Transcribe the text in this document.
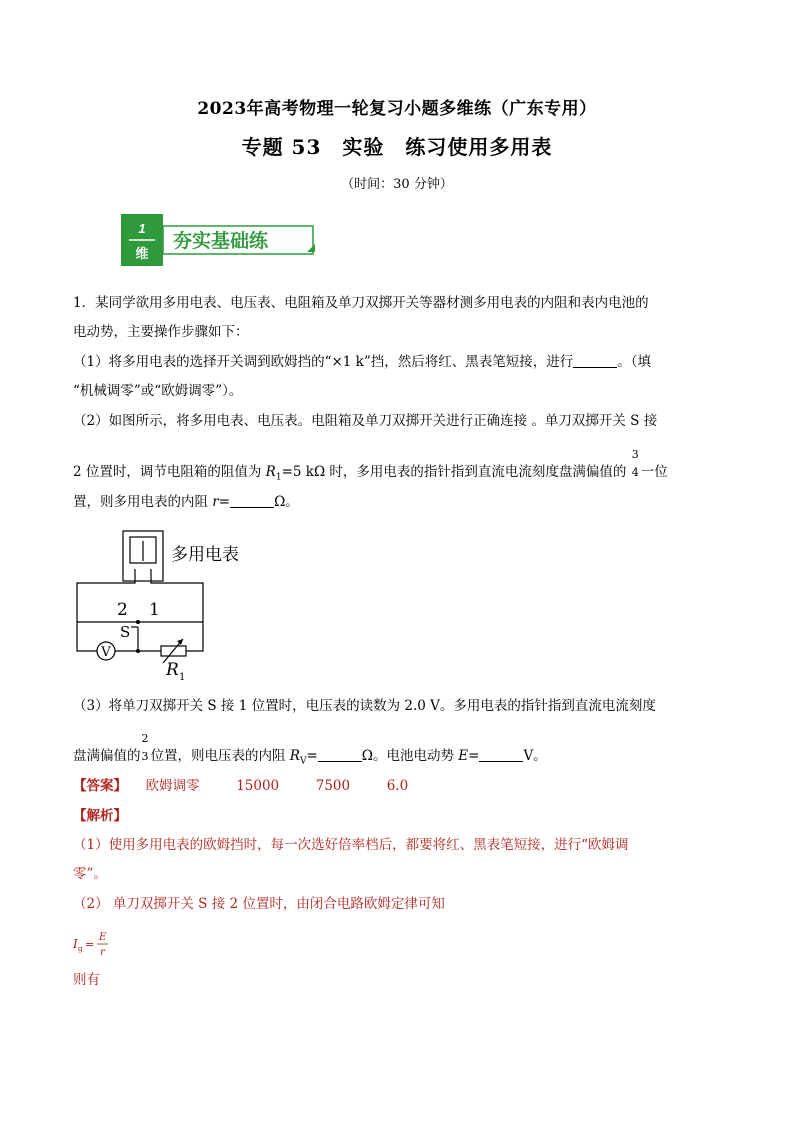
2023年高考物理一轮复习小题多维练（广东专用）
专题 53　实验　练习使用多用表
（时间：30 分钟）
1
维
夯实基础练
1．某同学欲用多用电表、电压表、电阻箱及单刀双掷开关等器材测多用电表的内阻和表内电池的
电动势，主要操作步骤如下：
（1）将多用电表的选择开关调到欧姆挡的“×1 k”挡，然后将红、黑表笔短接，进行	。（填
“机械调零”或“欧姆调零”）。
（2）如图所示，将多用电表、电压表。电阻箱及单刀双掷开关进行正确连接 。单刀双掷开关 S 接
2 位置时，调节电阻箱的阻值为 $R_1=5$ kΩ 时，多用电表的指针指到直流电流刻度盘满偏值的
3
4 一位
置，则多用电表的内阻 r=	Ω。
多用电表
2 1
S
V
R 1
（3）将单刀双掷开关 S 接 1 位置时，电压表的读数为 2.0 V。多用电表的指针指到直流电流刻度
盘满偏值的
2
3 位置，则电压表的内阻 $R_V=$	Ω。电池电动势 E=	V。
【答案】 欧姆调零	15000	7500	6.0
【解析】
（1）使用多用电表的欧姆挡时，每一次选好倍率档后，都要将红、黑表笔短接，进行“欧姆调
零”。
（2） 单刀双掷开关 S 接 2 位置时，由闭合电路欧姆定律可知
I g =
E
r
则有
